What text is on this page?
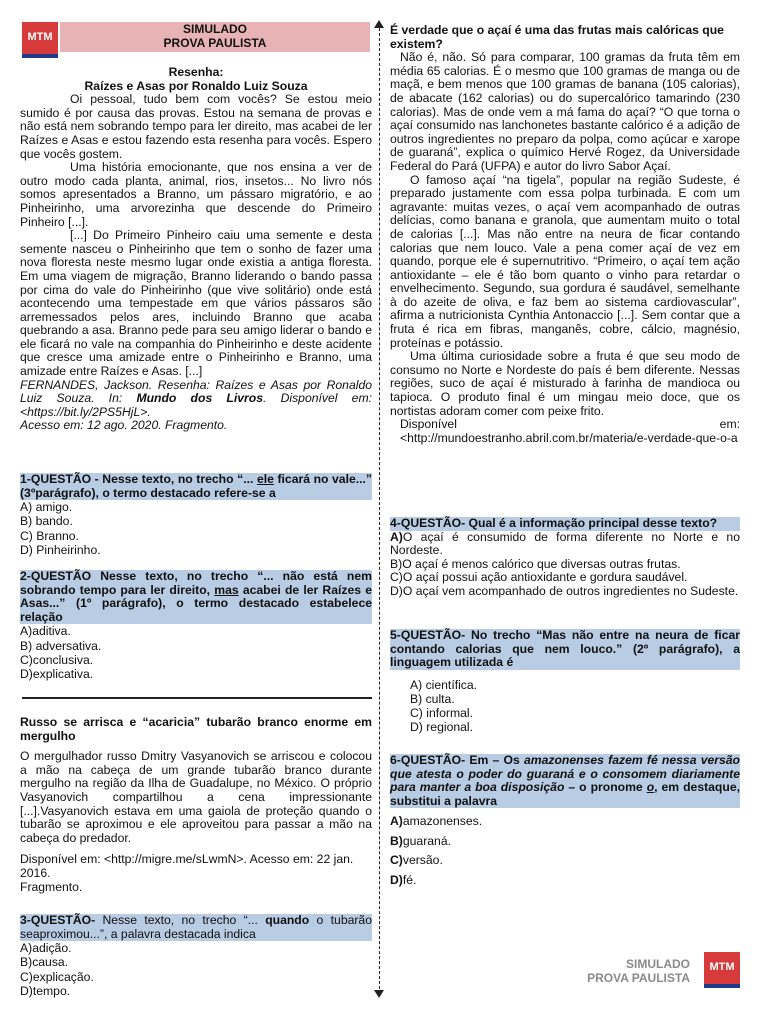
MTM
SIMULADO
PROVA PAULISTA

Resenha:

Raízes e Asas por Ronaldo Luiz Souza

Oi pessoal, tudo bem com vocês? Se estou meio sumido é por causa das provas. Estou na semana de provas e não está nem sobrando tempo para ler direito, mas acabei de ler Raízes e Asas e estou fazendo esta resenha para vocês. Espero que vocês gostem.

Uma história emocionante, que nos ensina a ver de outro modo cada planta, animal, rios, insetos... No livro nós somos apresentados a Branno, um pássaro migratório, e ao Pinheirinho, uma arvorezinha que descende do Primeiro Pinheiro [...].

[...] Do Primeiro Pinheiro caiu uma semente e desta semente nasceu o Pinheirinho que tem o sonho de fazer uma nova floresta neste mesmo lugar onde existia a antiga floresta. Em uma viagem de migração, Branno liderando o bando passa por cima do vale do Pinheirinho (que vive solitário) onde está acontecendo uma tempestade em que vários pássaros são arremessados pelos ares, incluindo Branno que acaba quebrando a asa. Branno pede para seu amigo liderar o bando e ele ficará no vale na companhia do Pinheirinho e deste acidente que cresce uma amizade entre o Pinheirinho e Branno, uma amizade entre Raízes e Asas. [...]

FERNANDES, Jackson. Resenha: Raízes e Asas por Ronaldo Luiz Souza. In: Mundo dos Livros. Disponível em: <https://bit.ly/2PS5HjL>.

Acesso em: 12 ago. 2020. Fragmento.

1-QUESTÃO - Nesse texto, no trecho “... ele ficará no vale...” (3ºparágrafo), o termo destacado refere-se a

A) amigo.
B) bando.
C) Branno.
D) Pinheirinho.

2-QUESTÃO Nesse texto, no trecho “... não está nem sobrando tempo para ler direito, mas acabei de ler Raízes e Asas...” (1º parágrafo), o termo destacado estabelece relação

A)aditiva.
B) adversativa.
C)conclusiva.
D)explicativa.

Russo se arrisca e “acaricia” tubarão branco enorme em mergulho

O mergulhador russo Dmitry Vasyanovich se arriscou e colocou a mão na cabeça de um grande tubarão branco durante mergulho na região da Ilha de Guadalupe, no México. O próprio Vasyanovich compartilhou a cena impressionante [...].Vasyanovich estava em uma gaiola de proteção quando o tubarão se aproximou e ele aproveitou para passar a mão na cabeça do predador.

Disponível em: <http://migre.me/sLwmN>. Acesso em: 22 jan. 2016.

Fragmento.

3-QUESTÃO- Nesse texto, no trecho “... quando o tubarão seaproximou...”, a palavra destacada indica

A)adição.
B)causa.
C)explicação.
D)tempo.

É verdade que o açaí é uma das frutas mais calóricas que existem?

Não é, não. Só para comparar, 100 gramas da fruta têm em média 65 calorias. É o mesmo que 100 gramas de manga ou de maçã, e bem menos que 100 gramas de banana (105 calorias), de abacate (162 calorias) ou do supercalórico tamarindo (230 calorias). Mas de onde vem a má fama do açaí? “O que torna o açaí consumido nas lanchonetes bastante calórico é a adição de outros ingredientes no preparo da polpa, como açúcar e xarope de guaraná”, explica o químico Hervé Rogez, da Universidade Federal do Pará (UFPA) e autor do livro Sabor Açaí.

O famoso açaí “na tigela”, popular na região Sudeste, é preparado justamente com essa polpa turbinada. E com um agravante: muitas vezes, o açaí vem acompanhado de outras delícias, como banana e granola, que aumentam muito o total de calorias [...]. Mas não entre na neura de ficar contando calorias que nem louco. Vale a pena comer açaí de vez em quando, porque ele é supernutritivo. “Primeiro, o açaí tem ação antioxidante – ele é tão bom quanto o vinho para retardar o envelhecimento. Segundo, sua gordura é saudável, semelhante à do azeite de oliva, e faz bem ao sistema cardiovascular”, afirma a nutricionista Cynthia Antonaccio [...]. Sem contar que a fruta é rica em fibras, manganês, cobre, cálcio, magnésio, proteínas e potássio.

Uma última curiosidade sobre a fruta é que seu modo de consumo no Norte e Nordeste do país é bem diferente. Nessas regiões, suco de açaí é misturado à farinha de mandioca ou tapioca. O produto final é um mingau meio doce, que os nortistas adoram comer com peixe frito.

Disponível	em:

<http://mundoestranho.abril.com.br/materia/e-verdade-que-o-a

4-QUESTÃO- Qual é a informação principal desse texto?

A)O açaí é consumido de forma diferente no Norte e no Nordeste.

B)O açaí é menos calórico que diversas outras frutas.

C)O açaí possui ação antioxidante e gordura saudável.

D)O açaí vem acompanhado de outros ingredientes no Sudeste.

5-QUESTÃO- No trecho “Mas não entre na neura de ficar contando calorias que nem louco.” (2º parágrafo), a linguagem utilizada é

A) científica.
B) culta.
C) informal.
D) regional.

6-QUESTÃO- Em – Os amazonenses fazem fé nessa versão que atesta o poder do guaraná e o consomem diariamente para manter a boa disposição – o pronome o, em destaque, substitui a palavra

A)amazonenses.
B)guaraná.
C)versão.
D)fé.
SIMULADO
PROVA PAULISTA
MTM
